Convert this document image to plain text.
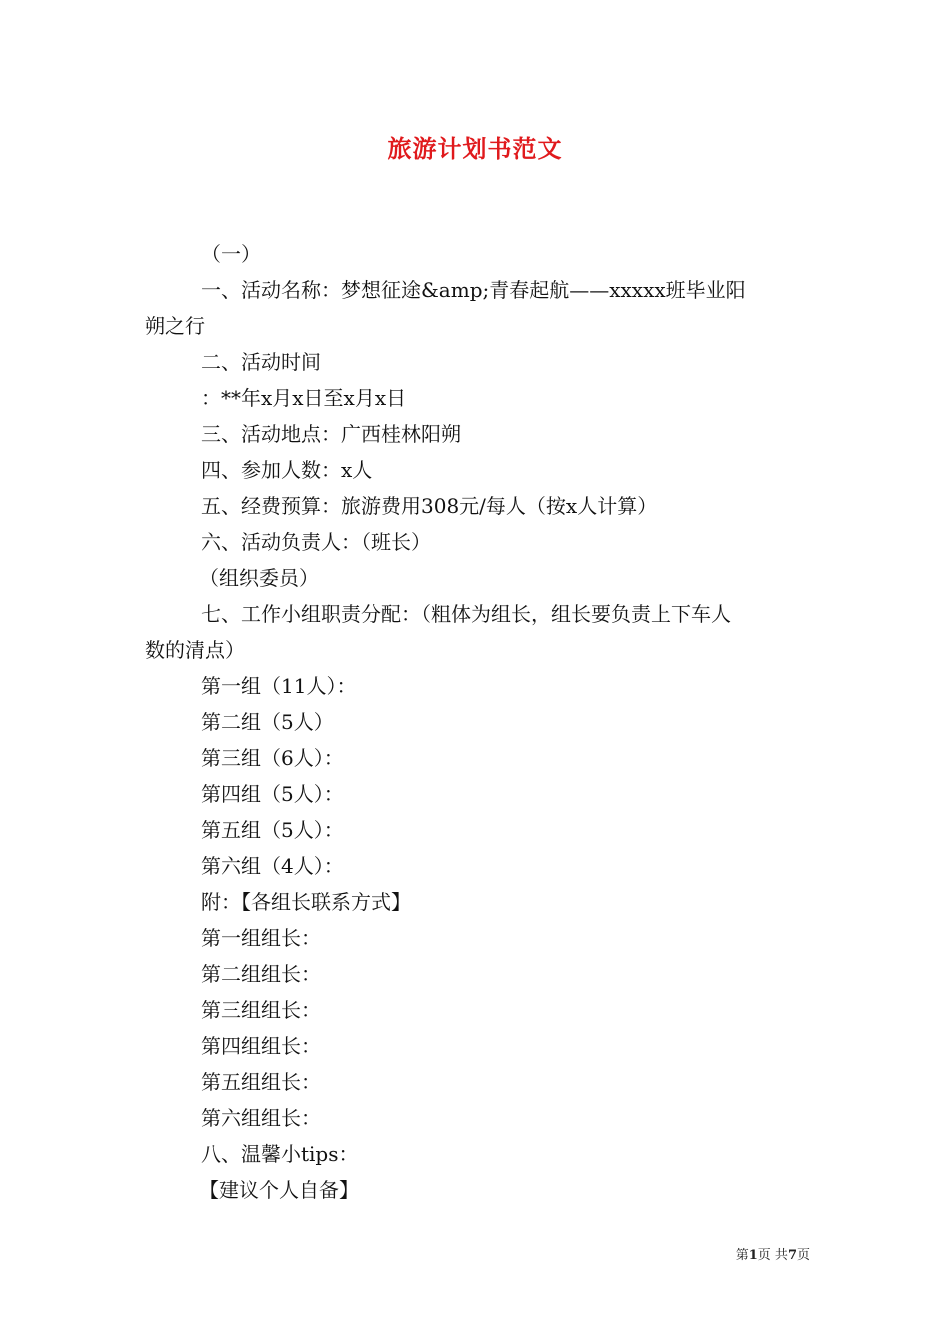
旅游计划书范文
（一）
一、活动名称：梦想征途&amp;青春起航——xxxxx班毕业阳
朔之行
二、活动时间
：**年x月x日至x月x日
三、活动地点：广西桂林阳朔
四、参加人数：x人
五、经费预算：旅游费用308元/每人（按x人计算）
六、活动负责人：（班长）
（组织委员）
七、工作小组职责分配：（粗体为组长，组长要负责上下车人
数的清点）
第一组（11人）：
第二组（5人）
第三组（6人）：
第四组（5人）：
第五组（5人）：
第六组（4人）：
附：【各组长联系方式】
第一组组长：
第二组组长：
第三组组长：
第四组组长：
第五组组长：
第六组组长：
八、温馨小tips：
【建议个人自备】
第1页 共7页
